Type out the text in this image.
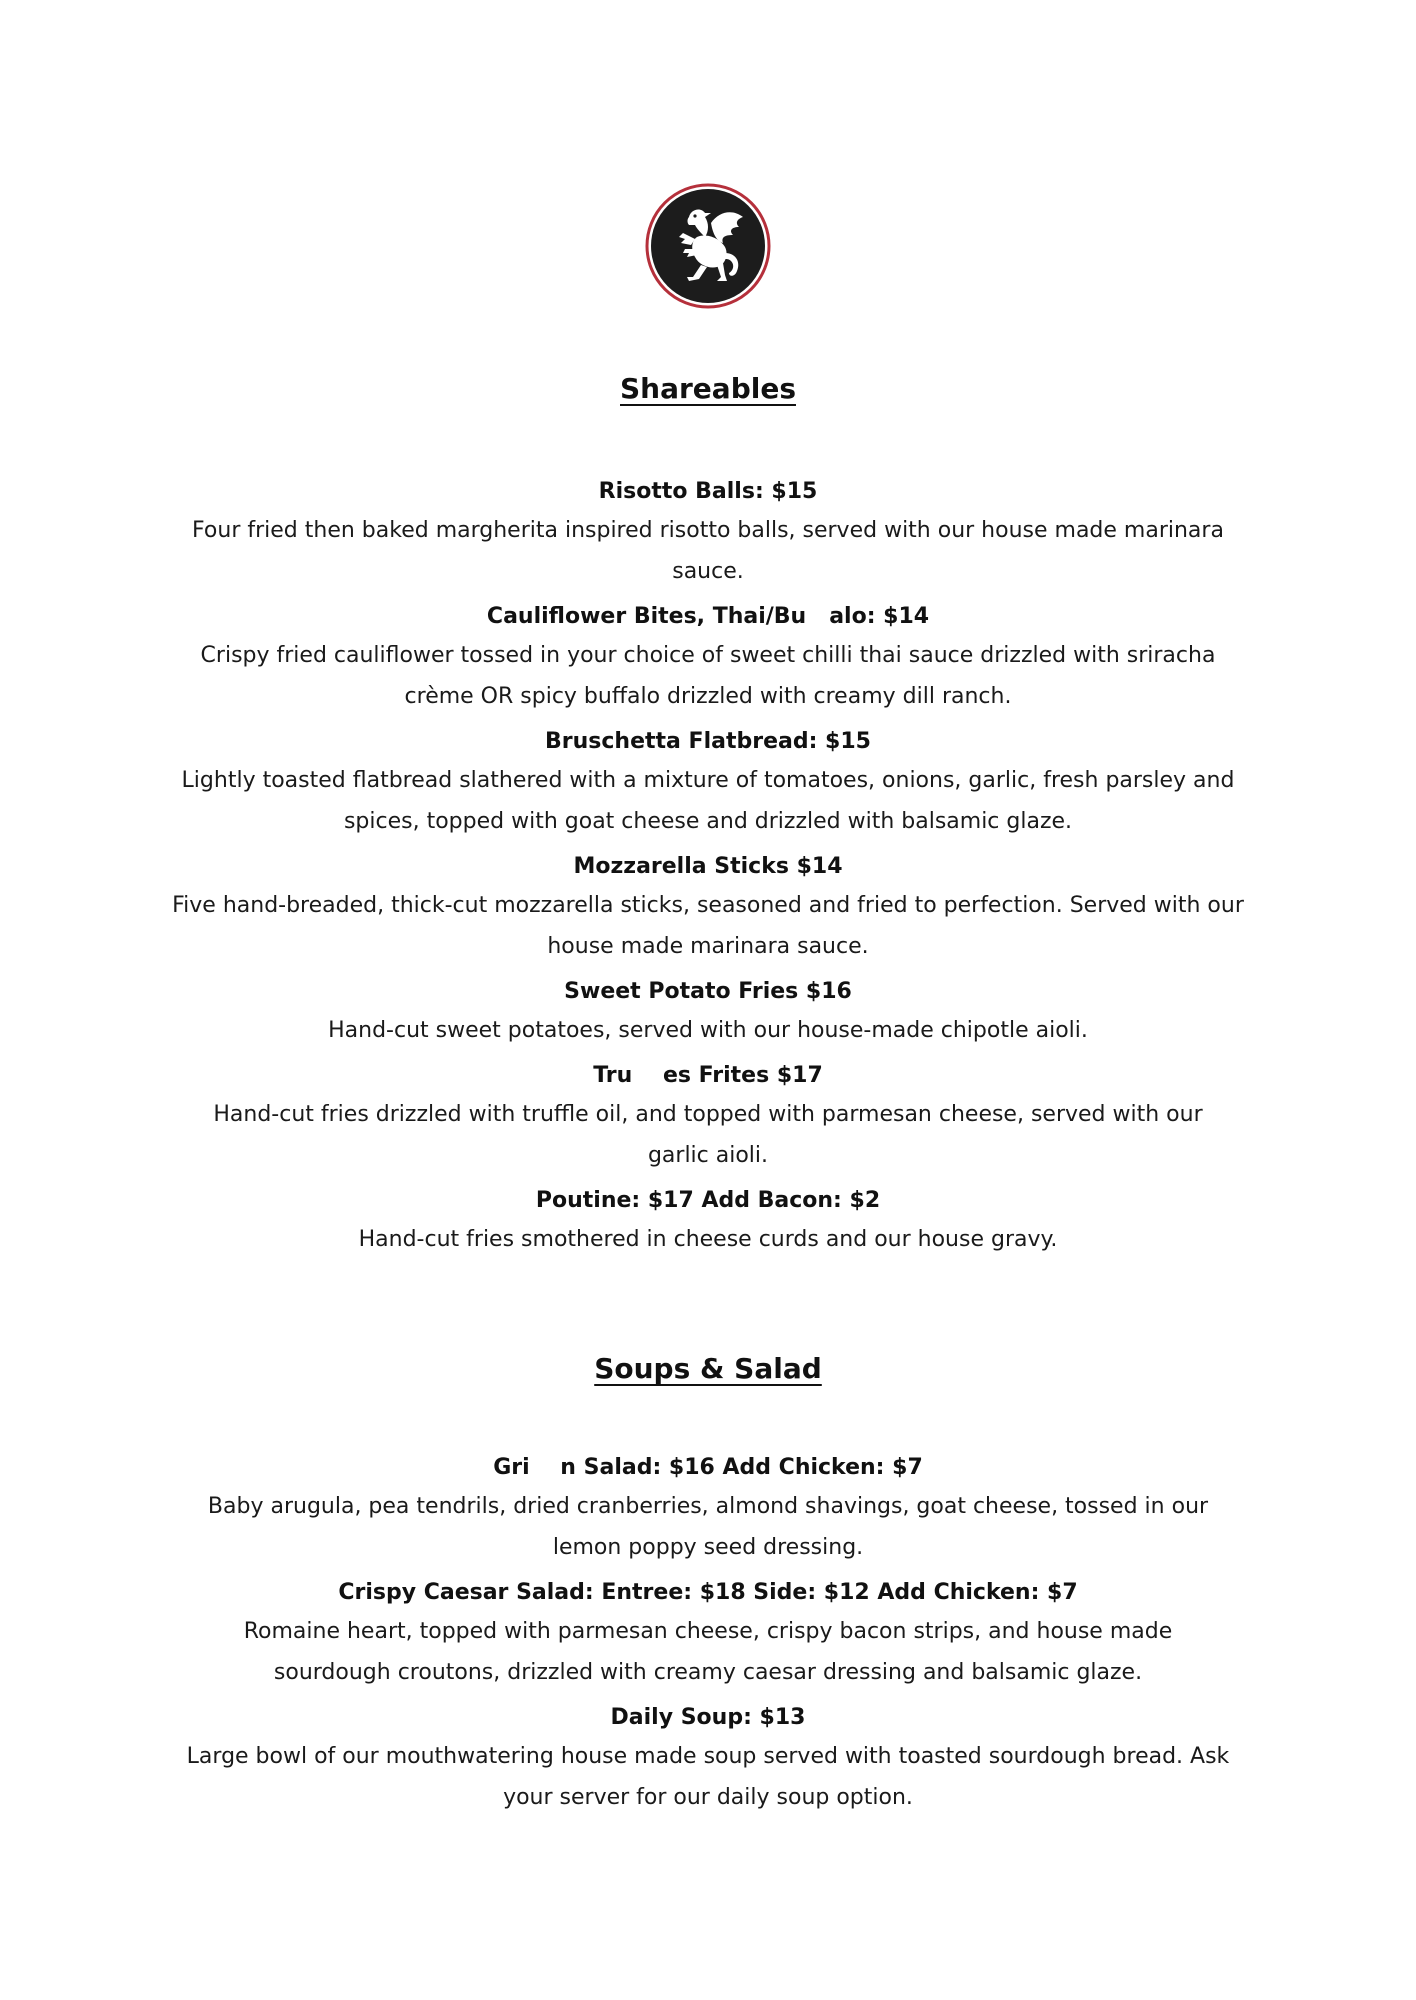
Shareables
Risotto Balls: $15
Four fried then baked margherita inspired risotto balls, served with our house made marinara sauce.
Cauliflower Bites, Thai/Bu   alo: $14
Crispy fried cauliflower tossed in your choice of sweet chilli thai sauce drizzled with sriracha crème OR spicy buffalo drizzled with creamy dill ranch.
Bruschetta Flatbread: $15
Lightly toasted flatbread slathered with a mixture of tomatoes, onions, garlic, fresh parsley and spices, topped with goat cheese and drizzled with balsamic glaze.
Mozzarella Sticks $14
Five hand-breaded, thick-cut mozzarella sticks, seasoned and fried to perfection. Served with our house made marinara sauce.
Sweet Potato Fries $16
Hand-cut sweet potatoes, served with our house-made chipotle aioli.
Tru    es Frites $17
Hand-cut fries drizzled with truffle oil, and topped with parmesan cheese, served with our garlic aioli.
Poutine: $17 Add Bacon: $2
Hand-cut fries smothered in cheese curds and our house gravy.
Soups & Salad
Gri    n Salad: $16 Add Chicken: $7
Baby arugula, pea tendrils, dried cranberries, almond shavings, goat cheese, tossed in our lemon poppy seed dressing.
Crispy Caesar Salad: Entree: $18 Side: $12 Add Chicken: $7
Romaine heart, topped with parmesan cheese, crispy bacon strips, and house made sourdough croutons, drizzled with creamy caesar dressing and balsamic glaze.
Daily Soup: $13
Large bowl of our mouthwatering house made soup served with toasted sourdough bread. Ask your server for our daily soup option.
